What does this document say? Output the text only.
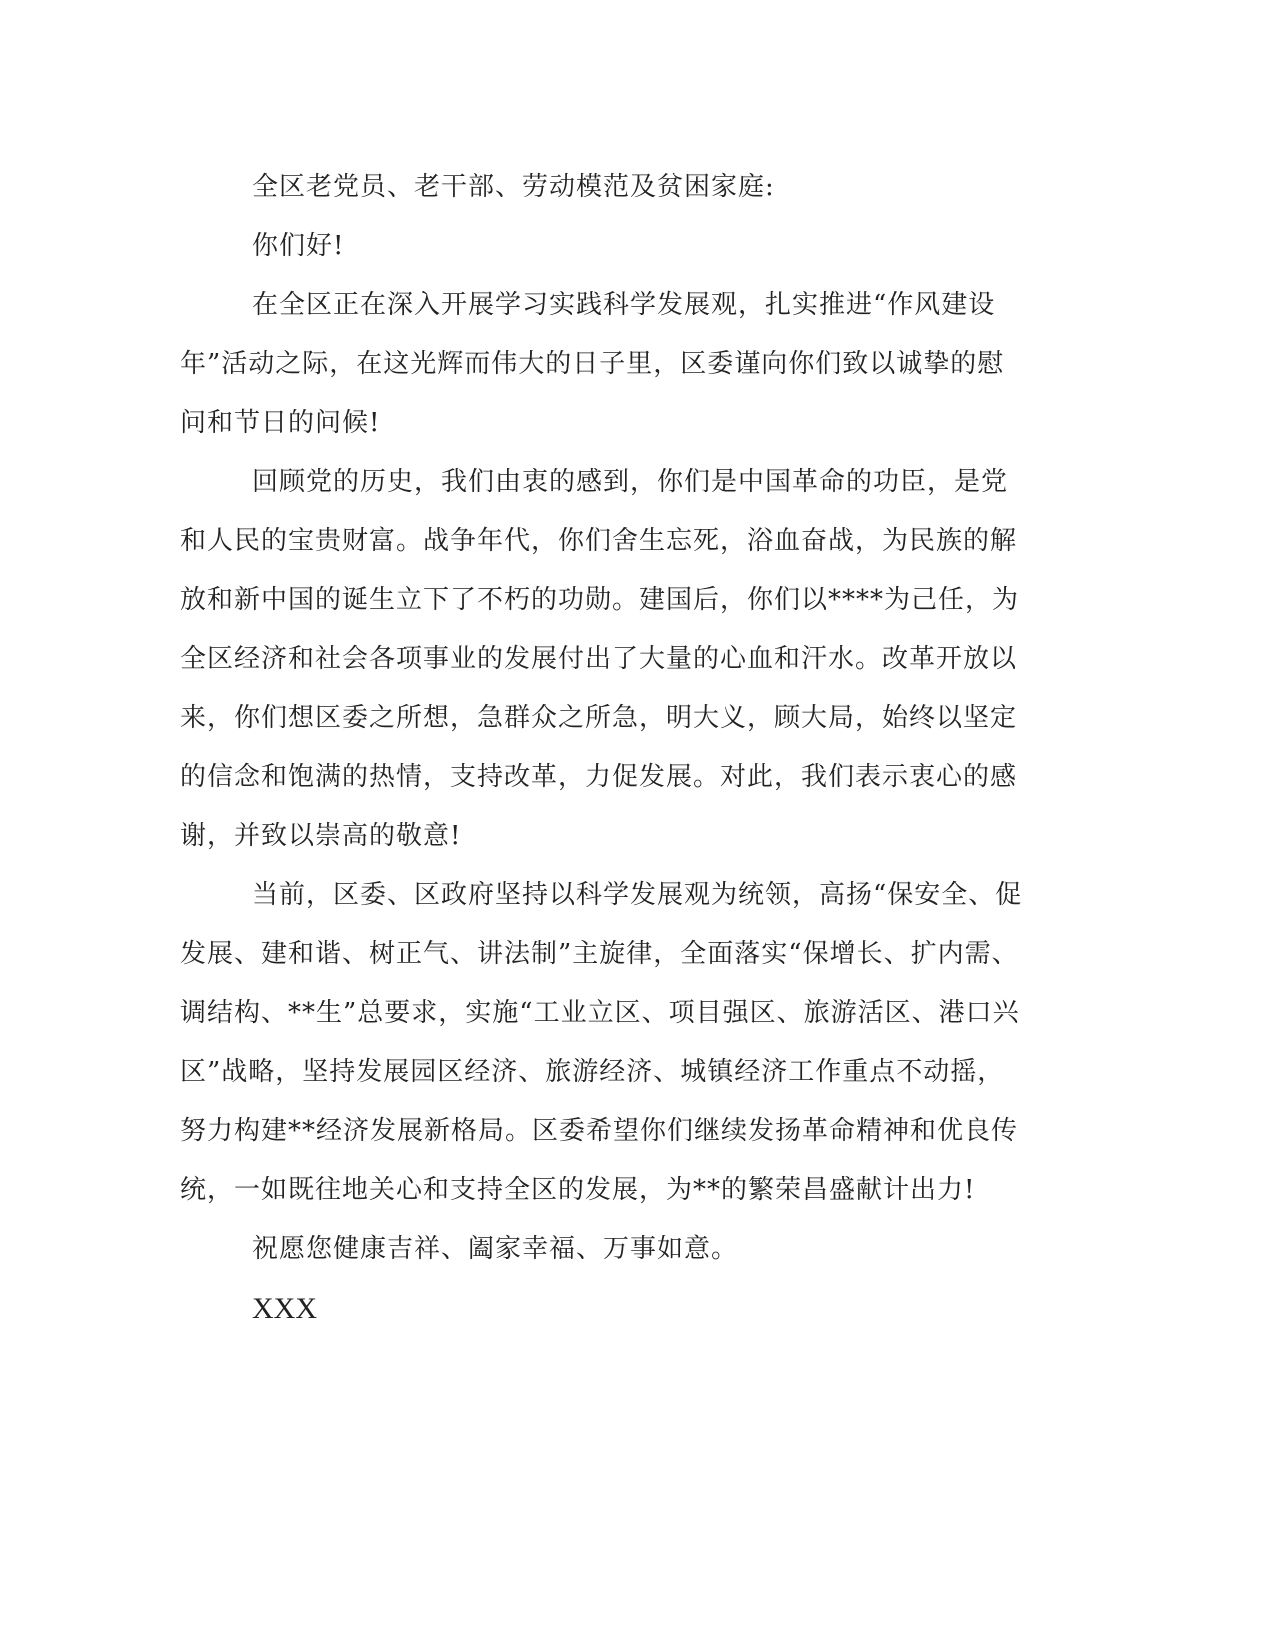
全区老党员、老干部、劳动模范及贫困家庭:

你们好!

在全区正在深入开展学习实践科学发展观，扎实推进“作风建设年”活动之际，在这光辉而伟大的日子里，区委谨向你们致以诚挚的慰问和节日的问候!

回顾党的历史，我们由衷的感到，你们是中国革命的功臣，是党和人民的宝贵财富。战争年代，你们舍生忘死，浴血奋战，为民族的解放和新中国的诞生立下了不朽的功勋。建国后，你们以****为己任，为全区经济和社会各项事业的发展付出了大量的心血和汗水。改革开放以来，你们想区委之所想，急群众之所急，明大义，顾大局，始终以坚定的信念和饱满的热情，支持改革，力促发展。对此，我们表示衷心的感谢，并致以崇高的敬意!

当前，区委、区政府坚持以科学发展观为统领，高扬“保安全、促发展、建和谐、树正气、讲法制”主旋律，全面落实“保增长、扩内需、调结构、**生”总要求，实施“工业立区、项目强区、旅游活区、港口兴区”战略，坚持发展园区经济、旅游经济、城镇经济工作重点不动摇，努力构建**经济发展新格局。区委希望你们继续发扬革命精神和优良传统，一如既往地关心和支持全区的发展，为**的繁荣昌盛献计出力!

祝愿您健康吉祥、阖家幸福、万事如意。

XXX
